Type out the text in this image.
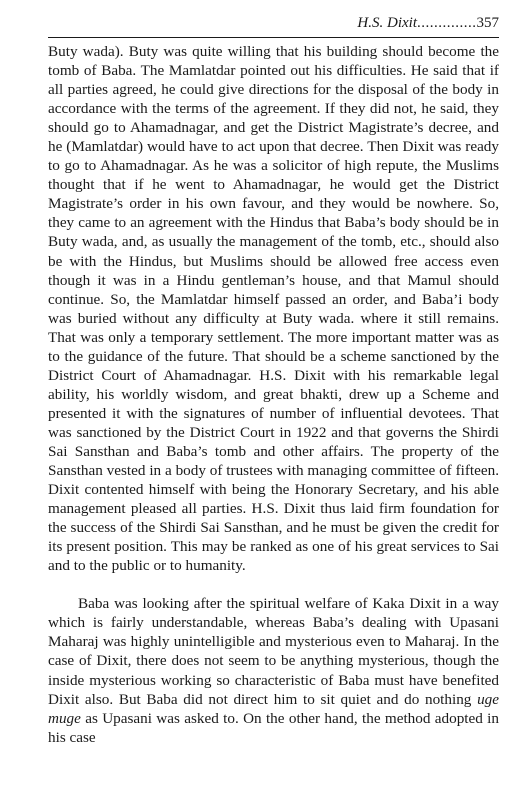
H.S. Dixit .............. 357

Buty wada). Buty was quite willing that his building should become the tomb of Baba. The Mamlatdar pointed out his difficulties. He said that if all parties agreed, he could give directions for the disposal of the body in accordance with the terms of the agreement. If they did not, he said, they should go to Ahamadnagar, and get the District Magistrate’s decree, and he (Mamlatdar) would have to act upon that decree. Then Dixit was ready to go to Ahamadnagar. As he was a solicitor of high repute, the Muslims thought that if he went to Ahamadnagar, he would get the District Magistrate’s order in his own favour, and they would be nowhere. So, they came to an agreement with the Hindus that Baba’s body should be in Buty wada, and, as usually the management of the tomb, etc., should also be with the Hindus, but Muslims should be allowed free access even though it was in a Hindu gentleman’s house, and that Mamul should continue. So, the Mamlatdar himself passed an order, and Baba’i body was buried without any difficulty at Buty wada. where it still remains. That was only a temporary settlement. The more important matter was as to the guidance of the future. That should be a scheme sanctioned by the District Court of Ahamadnagar. H.S. Dixit with his remarkable legal ability, his worldly wisdom, and great bhakti, drew up a Scheme and presented it with the signatures of number of influential devotees. That was sanctioned by the District Court in 1922 and that governs the Shirdi Sai Sansthan and Baba’s tomb and other affairs. The property of the Sansthan vested in a body of trustees with managing committee of fifteen. Dixit contented himself with being the Honorary Secretary, and his able management pleased all parties. H.S. Dixit thus laid firm foundation for the success of the Shirdi Sai Sansthan, and he must be given the credit for its present position. This may be ranked as one of his great services to Sai and to the public or to humanity.

Baba was looking after the spiritual welfare of Kaka Dixit in a way which is fairly understandable, whereas Baba’s dealing with Upasani Maharaj was highly unintelligible and mysterious even to Maharaj. In the case of Dixit, there does not seem to be anything mysterious, though the inside mysterious working so characteristic of Baba must have benefited Dixit also. But Baba did not direct him to sit quiet and do nothing uge muge as Upasani was asked to. On the other hand, the method adopted in his case
